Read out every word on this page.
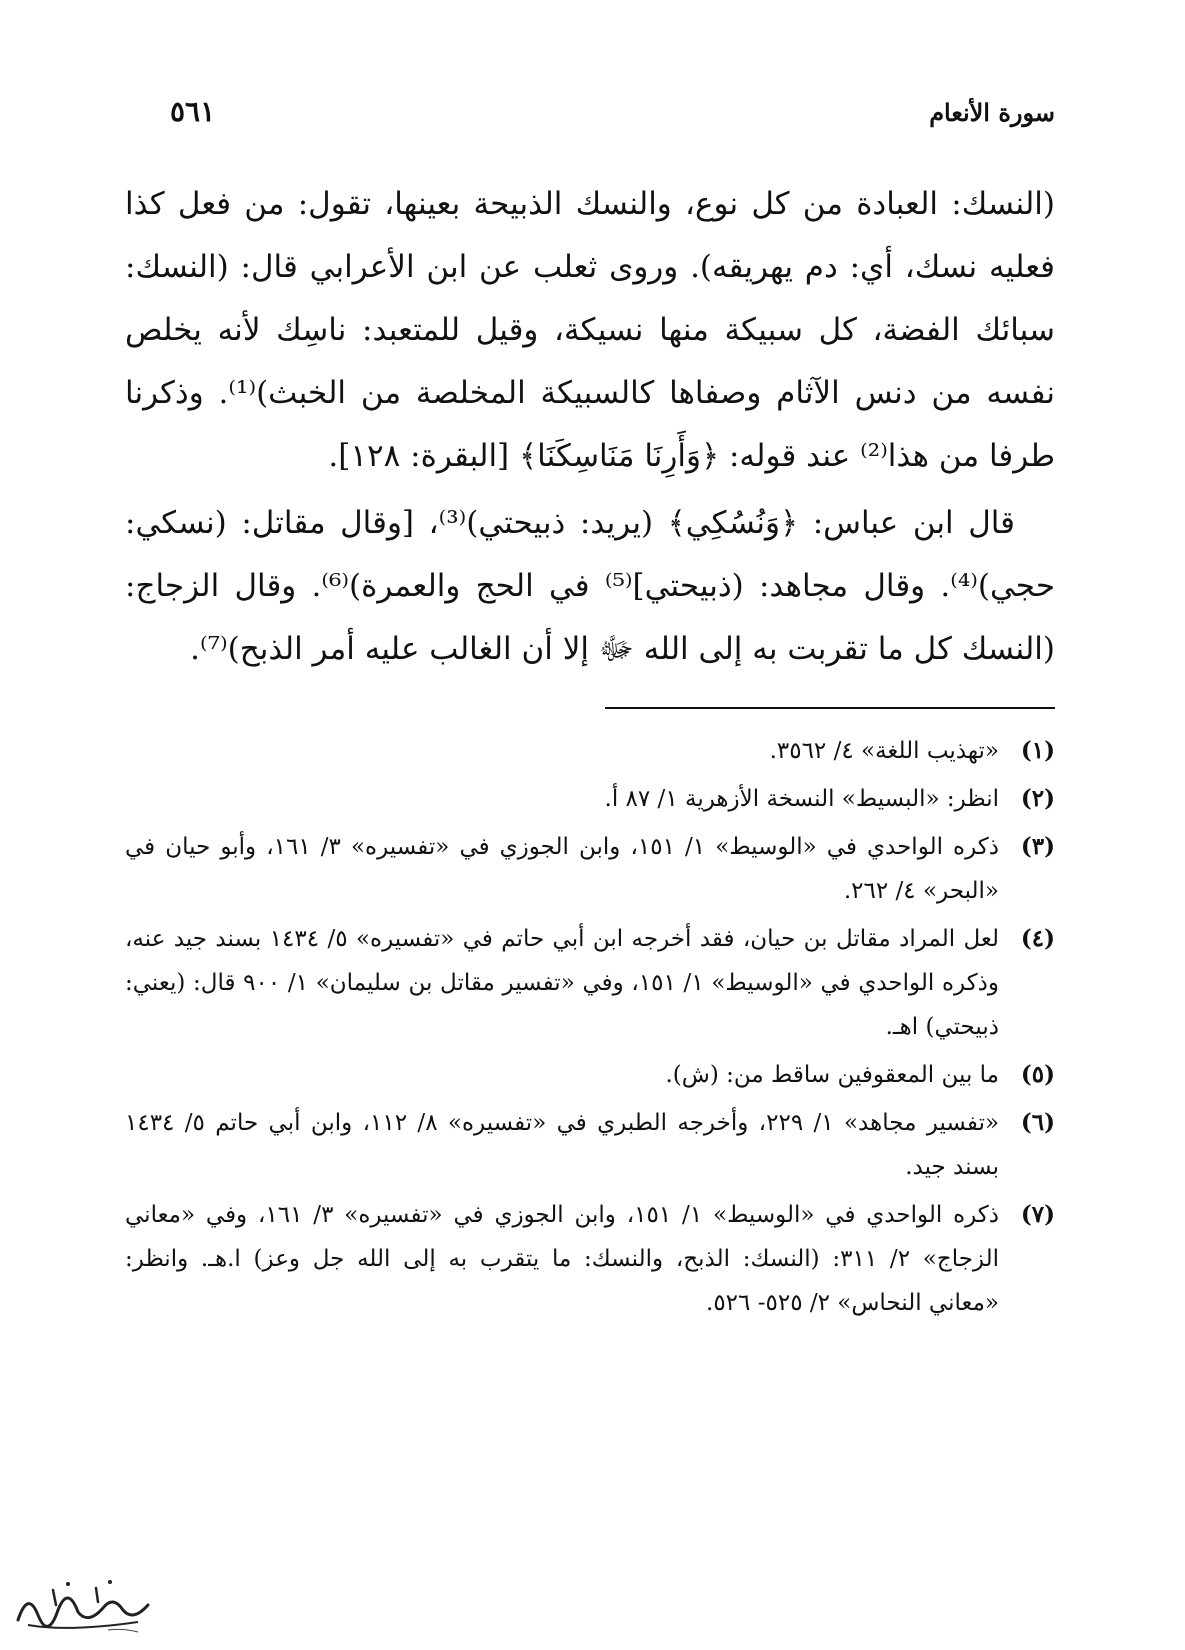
سورة الأنعام
٥٦١

(النسك: العبادة من كل نوع، والنسك الذبيحة بعينها، تقول: من فعل كذا فعليه نسك، أي: دم يهريقه). وروى ثعلب عن ابن الأعرابي قال: (النسك: سبائك الفضة، كل سبيكة منها نسيكة، وقيل للمتعبد: ناسِك لأنه يخلص نفسه من دنس الآثام وصفاها كالسبيكة المخلصة من الخبث)⁽¹⁾. وذكرنا طرفا من هذا⁽²⁾ عند قوله: ﴿وَأَرِنَا مَنَاسِكَنَا﴾ [البقرة: ١٢٨].

قال ابن عباس: ﴿وَنُسُكِي﴾ (يريد: ذبيحتي)⁽³⁾، [وقال مقاتل: (نسكي: حجي)⁽⁴⁾. وقال مجاهد: (ذبيحتي]⁽⁵⁾ في الحج والعمرة)⁽⁶⁾. وقال الزجاج: (النسك كل ما تقربت به إلى الله ﷻ إلا أن الغالب عليه أمر الذبح)⁽⁷⁾.

(١)
«تهذيب اللغة» ٤/ ٣٥٦٢.
(٢)
انظر: «البسيط» النسخة الأزهرية ١/ ٨٧ أ.
(٣)
ذكره الواحدي في «الوسيط» ١/ ١٥١، وابن الجوزي في «تفسيره» ٣/ ١٦١، وأبو حيان في «البحر» ٤/ ٢٦٢.
(٤)
لعل المراد مقاتل بن حيان، فقد أخرجه ابن أبي حاتم في «تفسيره» ٥/ ١٤٣٤ بسند جيد عنه، وذكره الواحدي في «الوسيط» ١/ ١٥١، وفي «تفسير مقاتل بن سليمان» ١/ ٩٠٠ قال: (يعني: ذبيحتي) اهـ.
(٥)
ما بين المعقوفين ساقط من: (ش).
(٦)
«تفسير مجاهد» ١/ ٢٢٩، وأخرجه الطبري في «تفسيره» ٨/ ١١٢، وابن أبي حاتم ٥/ ١٤٣٤ بسند جيد.
(٧)
ذكره الواحدي في «الوسيط» ١/ ١٥١، وابن الجوزي في «تفسيره» ٣/ ١٦١، وفي «معاني الزجاج» ٢/ ٣١١: (النسك: الذبح، والنسك: ما يتقرب به إلى الله جل وعز) ا.هـ. وانظر: «معاني النحاس» ٢/ ٥٢٥- ٥٢٦.
